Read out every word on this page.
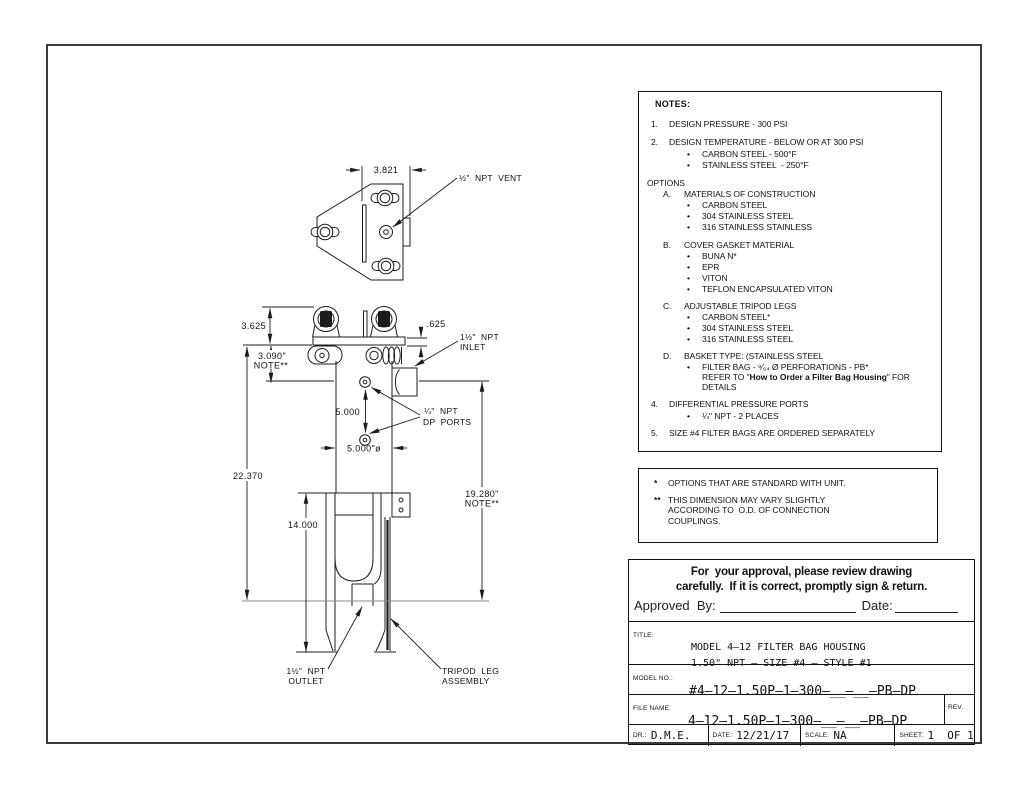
3.821
½"  NPT  VENT
3.625	.625
3.090"
NOTE**
22.370
19.280"
NOTE**
14.000
5.000
5.000"ø
1½"  NPT
INLET
¼"  NPT
DP  PORTS
1½"  NPT
OUTLET
TRIPOD  LEG
ASSEMBLY
NOTES:
1.	DESIGN PRESSURE - 300 PSI
2.	DESIGN TEMPERATURE - BELOW OR AT 300 PSI
•	CARBON STEEL - 500°F
•	STAINLESS STEEL  - 250°F
OPTIONS
A.	MATERIALS OF CONSTRUCTION
•	CARBON STEEL
•	304 STAINLESS STEEL
•	316 STAINLESS STAINLESS
B.	COVER GASKET MATERIAL
•	BUNA N*
•	EPR
•	VITON
•	TEFLON ENCAPSULATED VITON
C.	ADJUSTABLE TRIPOD LEGS
•	CARBON STEEL*
•	304 STAINLESS STEEL
•	316 STAINLESS STEEL
D.	BASKET TYPE: (STAINLESS STEEL
•	FILTER BAG - ⁹⁄₆₄ Ø PERFORATIONS - PB*
REFER TO "How to Order a Filter Bag Housing" FOR
DETAILS
4.	DIFFERENTIAL PRESSURE PORTS
•	¼" NPT - 2 PLACES
5.	SIZE #4 FILTER BAGS ARE ORDERED SEPARATELY
*	OPTIONS THAT ARE STANDARD WITH UNIT.
** THIS DIMENSION MAY VARY SLIGHTLY
ACCORDING TO  O.D. OF CONNECTION
COUPLINGS.
For  your approval, please review drawing
carefully.  If it is correct, promptly sign & return.
Approved  By:	Date:
TITLE:
MODEL 4–12 FILTER BAG HOUSING
1.50" NPT – SIZE #4 – STYLE #1
MODEL NO.:
#4–12–1.50P–1–300–__–__–PB–DP
FILE NAME:
4–12–1.50P–1–300–__–__–PB–DP
REV.
DR.: D.M.E.	DATE: 12/21/17 SCALE: NA	SHEET: 1  OF 1
